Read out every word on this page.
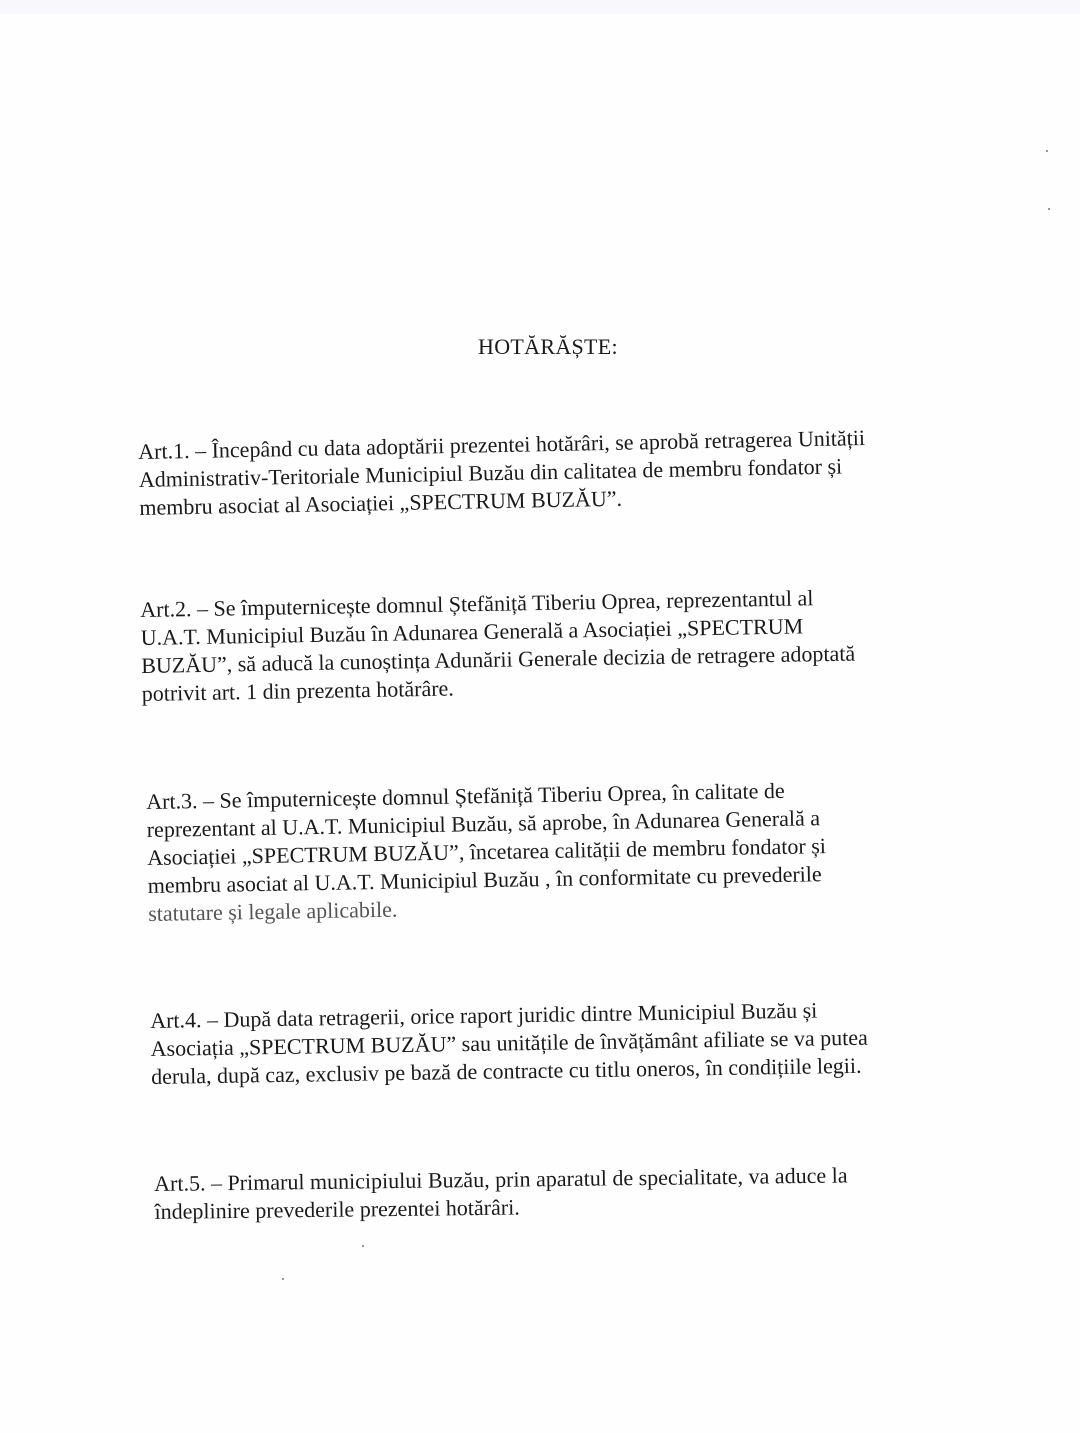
HOTĂRĂȘTE:
Art.1. – Începând cu data adoptării prezentei hotărâri, se aprobă retragerea Unității
Administrativ-Teritoriale Municipiul Buzău din calitatea de membru fondator și
membru asociat al Asociației „SPECTRUM BUZĂU”.
Art.2. – Se împuternicește domnul Ștefăniță Tiberiu Oprea, reprezentantul al
U.A.T. Municipiul Buzău în Adunarea Generală a Asociației „SPECTRUM
BUZĂU”, să aducă la cunoștința Adunării Generale decizia de retragere adoptată
potrivit art. 1 din prezenta hotărâre.
Art.3. – Se împuternicește domnul Ștefăniță Tiberiu Oprea, în calitate de
reprezentant al U.A.T. Municipiul Buzău, să aprobe, în Adunarea Generală a
Asociației „SPECTRUM BUZĂU”, încetarea calității de membru fondator și
membru asociat al U.A.T. Municipiul Buzău , în conformitate cu prevederile
statutare și legale aplicabile.
Art.4. – După data retragerii, orice raport juridic dintre Municipiul Buzău și
Asociația „SPECTRUM BUZĂU” sau unitățile de învățământ afiliate se va putea
derula, după caz, exclusiv pe bază de contracte cu titlu oneros, în condițiile legii.
Art.5. – Primarul municipiului Buzău, prin aparatul de specialitate, va aduce la
îndeplinire prevederile prezentei hotărâri.
